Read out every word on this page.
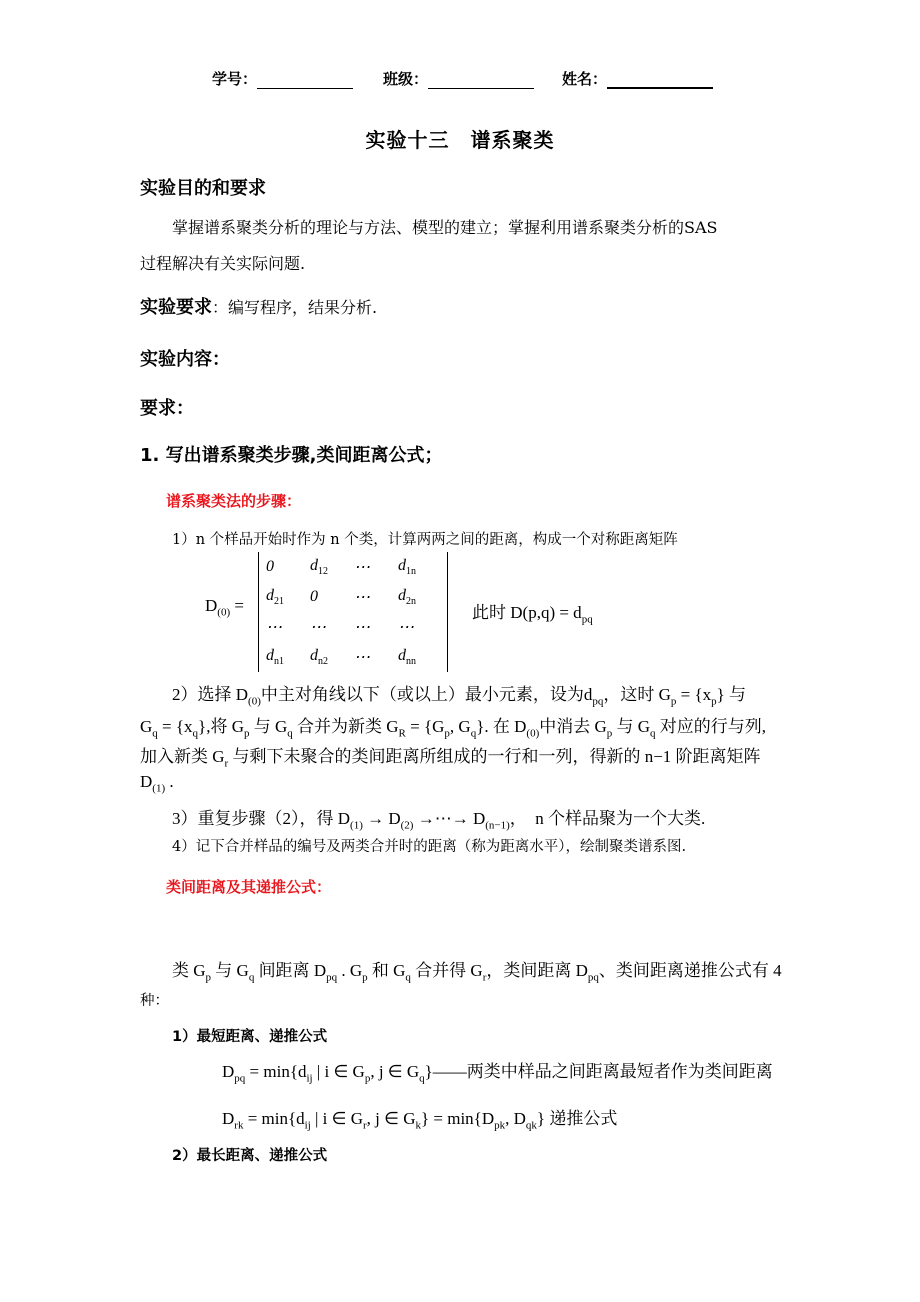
学号：	班级：	姓名：
实验十三　谱系聚类
实验目的和要求
掌握谱系聚类分析的理论与方法、模型的建立；掌握利用谱系聚类分析的SAS
过程解决有关实际问题.
实验要求：编写程序，结果分析.
实验内容：
要求：
1. 写出谱系聚类步骤,类间距离公式；
谱系聚类法的步骤：
1）n 个样品开始时作为 n 个类，计算两两之间的距离，构成一个对称距离矩阵
$D_{(0)}$ =
0	$d_{12}$	⋯	$d_{1n}$
$d_{21}$	0	⋯	$d_{2n}$
⋯	⋯	⋯	⋯
$d_{n1}$	$d_{n2}$	⋯	$d_{nn}$
此时 $D(p,q) = d_{pq}$
2）选择 $D_{(0)}$中主对角线以下（或以上）最小元素，设为$d_{pq}$，这时 $G_p = \{x_p\}$ 与
$G_q = \{x_q\}$,将 $G_p$ 与 $G_q$ 合并为新类 $G_R = \{G_p$, $G_q$}. 在 $D_{(0)}$中消去 $G_p$ 与 $G_q$ 对应的行与列,
加入新类 $G_r$ 与剩下未聚合的类间距离所组成的一行和一列，得新的 n−1 阶距离矩阵
$D_{(1)}$ .
3）重复步骤（2），得 $D_{(1)} \to D_{(2)}$ →⋯→ $D_{(n-1)}$，　n 个样品聚为一个大类.
4）记下合并样品的编号及两类合并时的距离（称为距离水平），绘制聚类谱系图.
类间距离及其递推公式：
类 $G_p$ 与 $G_q$ 间距离 $D_{pq}$ . $G_p$ 和 $G_q$ 合并得 $G_r$，类间距离 $D_{pq}$、类间距离递推公式有 4
种：
1）最短距离、递推公式
$D_{pq} = \min\{d_{ij}$ | i ∈ $G_p$, j ∈ $G_q\}——$两类中样品之间距离最短者作为类间距离
$D_{rk} = \min\{d_{ij}$ | i ∈ $G_r$, j ∈ $G_k\} = \min\{D_{pk}$, $D_{qk}$} 递推公式
2）最长距离、递推公式
